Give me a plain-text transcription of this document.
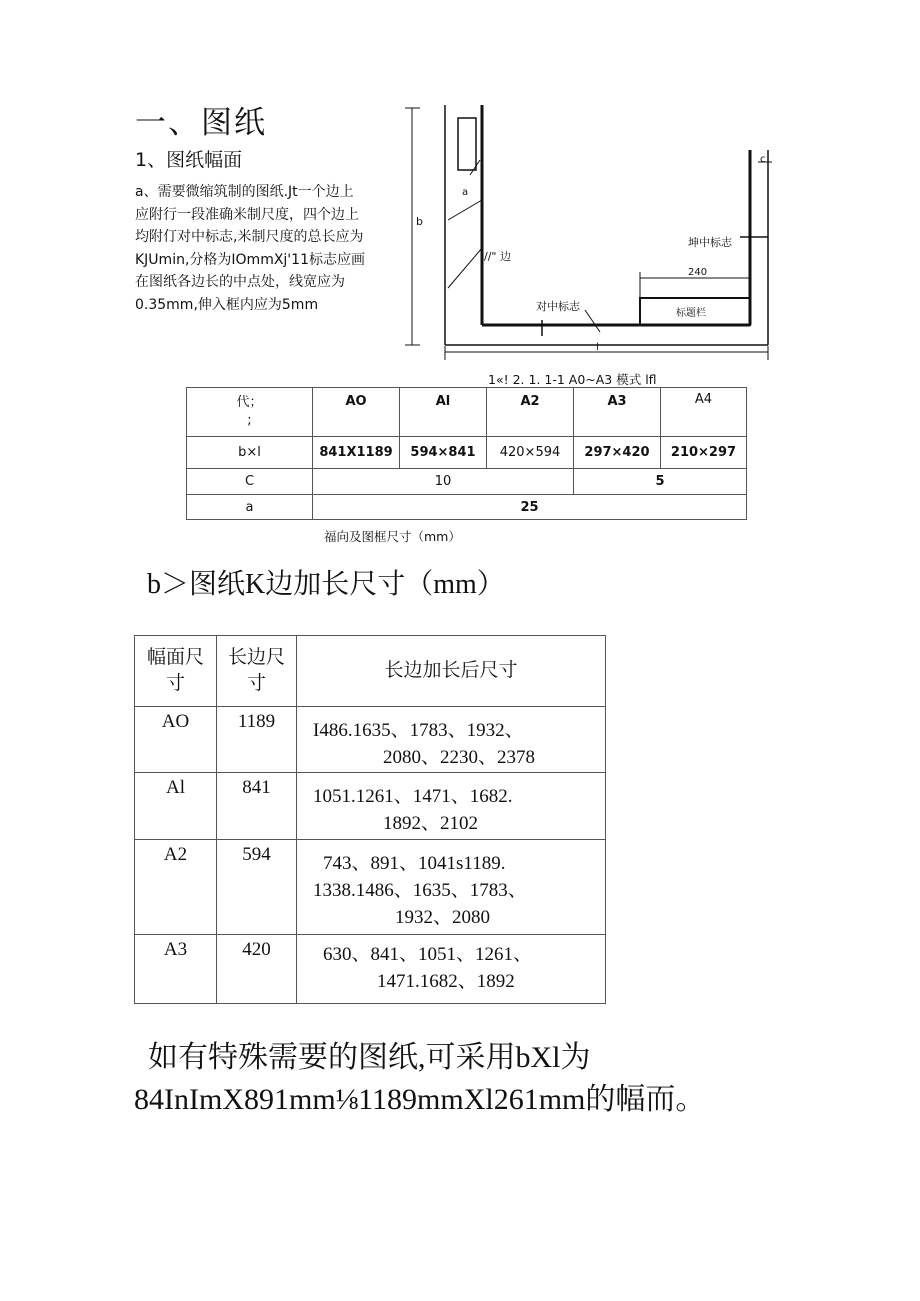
一、图纸
1、图纸幅面
a、需要微缩筑制的图纸.Jt一个边上
应附行一段准确米制尺度，四个边上
均附仃对中标志,米制尺度的总长应为
KJUmin,分格为IOmmXj'11标志应画
在图纸各边长的中点处，线宽应为
0.35mm,伸入框内应为5mm
b
a
c
l
//" 边
坤中标志
对中标志
240
标题栏
1«! 2. 1. 1-1 A0~A3 模式 lfl
代；
;	AO	Al	A2	A3	A4
b×l	841X1189	594×841	420×594	297×420	210×297
C	10			5	
a	25				
福向及图框尺寸（mm）
b＞图纸K边加长尺寸（mm）
幅面尺寸	长边尺寸	长边加长后尺寸
AO	1189	I486.1635、1783、1932、
2080、2230、2378

Al	841	1051.1261、1471、1682.
1892、2102

A2	594	743、891、1041s1189.
1338.1486、1635、1783、
1932、2080

A3	420	630、841、1051、1261、
1471.1682、1892
如有特殊需要的图纸,可采用bXl为
84InImX891mm⅛1189mmXl261mm的幅而。
